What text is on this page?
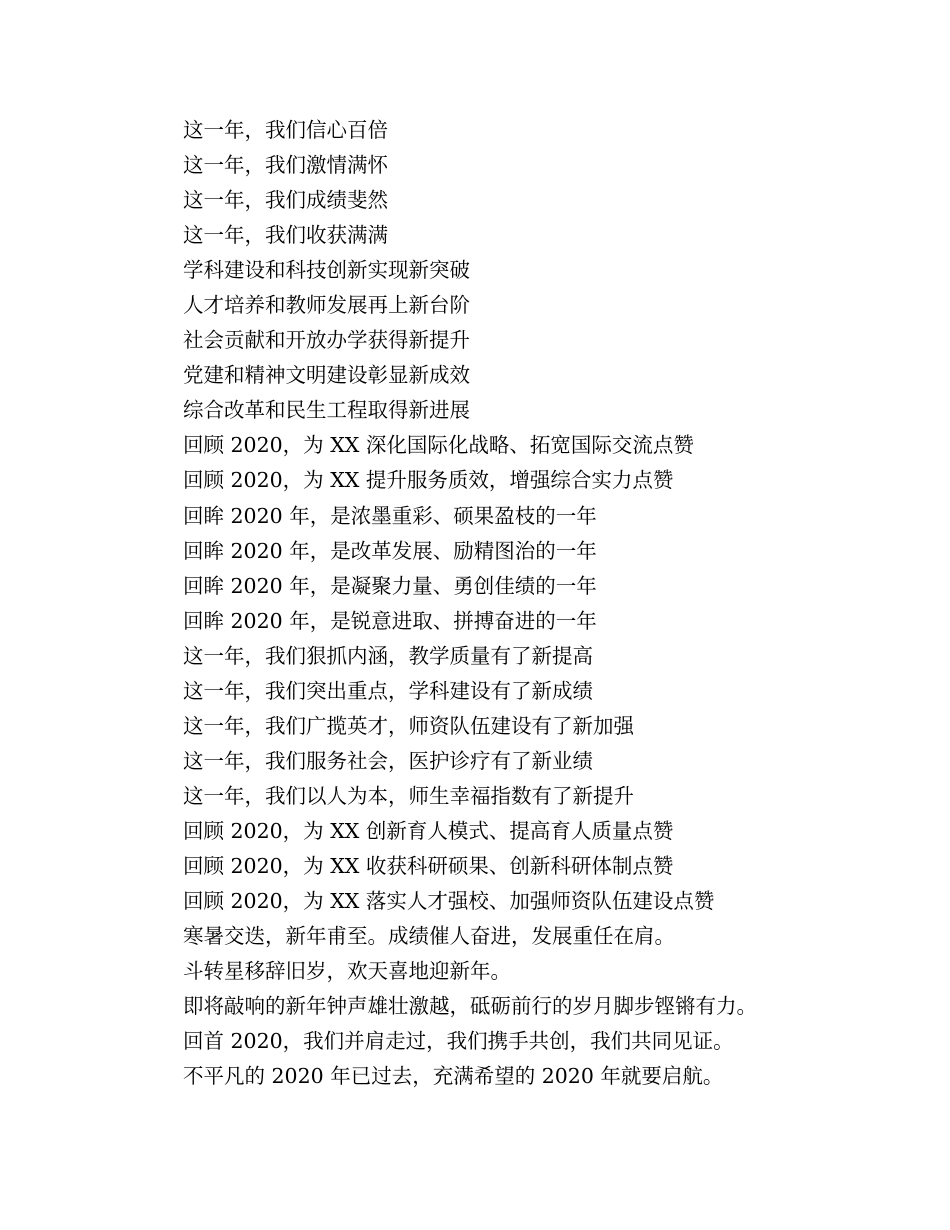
这一年，我们信心百倍
这一年，我们激情满怀
这一年，我们成绩斐然
这一年，我们收获满满
学科建设和科技创新实现新突破
人才培养和教师发展再上新台阶
社会贡献和开放办学获得新提升
党建和精神文明建设彰显新成效
综合改革和民生工程取得新进展
回顾 2020，为 XX 深化国际化战略、拓宽国际交流点赞
回顾 2020，为 XX 提升服务质效，增强综合实力点赞
回眸 2020 年，是浓墨重彩、硕果盈枝的一年
回眸 2020 年，是改革发展、励精图治的一年
回眸 2020 年，是凝聚力量、勇创佳绩的一年
回眸 2020 年，是锐意进取、拼搏奋进的一年
这一年，我们狠抓内涵，教学质量有了新提高
这一年，我们突出重点，学科建设有了新成绩
这一年，我们广揽英才，师资队伍建设有了新加强
这一年，我们服务社会，医护诊疗有了新业绩
这一年，我们以人为本，师生幸福指数有了新提升
回顾 2020，为 XX 创新育人模式、提高育人质量点赞
回顾 2020，为 XX 收获科研硕果、创新科研体制点赞
回顾 2020，为 XX 落实人才强校、加强师资队伍建设点赞
寒暑交迭，新年甫至。成绩催人奋进，发展重任在肩。
斗转星移辞旧岁，欢天喜地迎新年。
即将敲响的新年钟声雄壮激越，砥砺前行的岁月脚步铿锵有力。
回首 2020，我们并肩走过，我们携手共创，我们共同见证。
不平凡的 2020 年已过去，充满希望的 2020 年就要启航。
